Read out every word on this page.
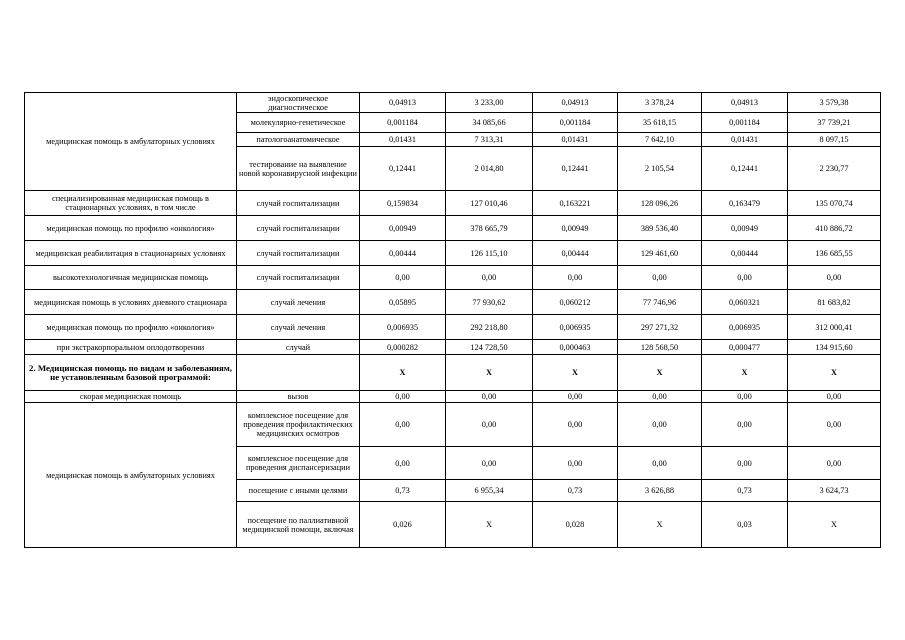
медицинская помощь в амбулаторных условиях	эндоскопическое диагностическое	0,04913	3 233,00	0,04913	3 378,24	0,04913	3 579,38
	молекулярно-генетическое	0,001184	34 085,66	0,001184	35 618,15	0,001184	37 739,21
	патологоанатомическое	0,01431	7 313,31	0,01431	7 642,10	0,01431	8 097,15
	тестирование на выявление новой коронавирусной инфекции	0,12441	2 014,80	0,12441	2 105,54	0,12441	2 230,77
специализированная медицинская помощь в стационарных условиях, в том числе	случай госпитализации	0,159834	127 010,46	0,163221	128 096,26	0,163479	135 070,74
медицинская помощь по профилю «онкология»	случай госпитализации	0,00949	378 665,79	0,00949	389 536,40	0,00949	410 886,72
медицинская реабилитация в стационарных условиях	случай госпитализации	0,00444	126 115,10	0,00444	129 461,60	0,00444	136 685,55
высокотехнологичная медицинская помощь	случай госпитализации	0,00	0,00	0,00	0,00	0,00	0,00
медицинская помощь в условиях дневного стационара	случай лечения	0,05895	77 930,62	0,060212	77 746,96	0,060321	81 683,82
медицинская помощь по профилю «онкология»	случай лечения	0,006935	292 218,80	0,006935	297 271,32	0,006935	312 000,41
при экстракорпоральном оплодотворении	случай	0,000282	124 728,50	0,000463	128 568,50	0,000477	134 915,60
2. Медицинская помощь по видам и заболеваниям, не установленным базовой программой:		X	X	X	X	X	X
скорая медицинская помощь	вызов	0,00	0,00	0,00	0,00	0,00	0,00
медицинская помощь в амбулаторных условиях	комплексное посещение для проведения профилактических медицинских осмотров	0,00	0,00	0,00	0,00	0,00	0,00
	комплексное посещение для проведения диспансеризации	0,00	0,00	0,00	0,00	0,00	0,00
	посещение с иными целями	0,73	6 955,34	0,73	3 626,88	0,73	3 624,73
	посещение по паллиативной медицинской помощи, включая	0,026	X	0,028	X	0,03	X
